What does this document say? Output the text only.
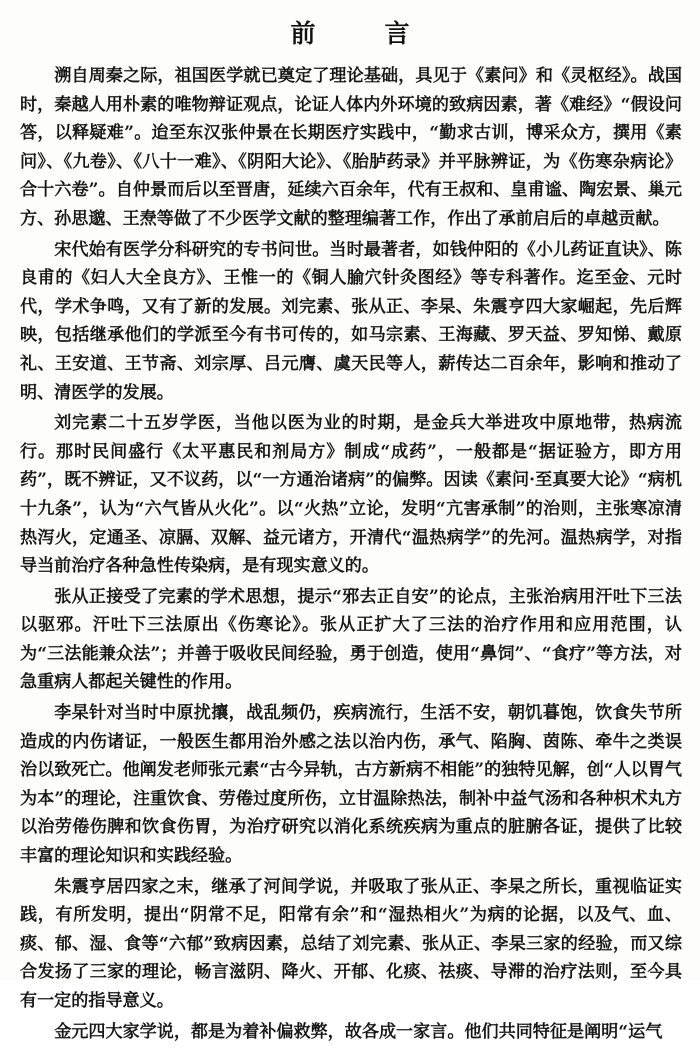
前　言

溯自周秦之际，祖国医学就已奠定了理论基础，具见于《素问》和《灵枢经》。战国时，秦越人用朴素的唯物辩证观点，论证人体内外环境的致病因素，著《难经》“假设问答，以释疑难”。迨至东汉张仲景在长期医疗实践中，“勤求古训，博采众方，撰用《素问》、《九卷》、《八十一难》、《阴阳大论》、《胎胪药录》并平脉辨证，为《伤寒杂病论》合十六卷”。自仲景而后以至晋唐，延续六百余年，代有王叔和、皇甫谧、陶宏景、巢元方、孙思邈、王焘等做了不少医学文献的整理编著工作，作出了承前启后的卓越贡献。

宋代始有医学分科研究的专书问世。当时最著者，如钱仲阳的《小儿药证直诀》、陈良甫的《妇人大全良方》、王惟一的《铜人腧穴针灸图经》等专科著作。迄至金、元时代，学术争鸣，又有了新的发展。刘完素、张从正、李杲、朱震亨四大家崛起，先后辉映，包括继承他们的学派至今有书可传的，如马宗素、王海藏、罗天益、罗知悌、戴原礼、王安道、王节斋、刘宗厚、吕元膺、虞天民等人，薪传达二百余年，影响和推动了明、清医学的发展。

刘完素二十五岁学医，当他以医为业的时期，是金兵大举进攻中原地带，热病流行。那时民间盛行《太平惠民和剂局方》制成“成药”，一般都是“据证验方，即方用药”，既不辨证，又不议药，以“一方通治诸病”的偏弊。因读《素问·至真要大论》“病机十九条”，认为“六气皆从火化”。以“火热”立论，发明“亢害承制”的治则，主张寒凉清热泻火，定通圣、凉膈、双解、益元诸方，开清代“温热病学”的先河。温热病学，对指导当前治疗各种急性传染病，是有现实意义的。

张从正接受了完素的学术思想，提示“邪去正自安”的论点，主张治病用汗吐下三法以驱邪。汗吐下三法原出《伤寒论》。张从正扩大了三法的治疗作用和应用范围，认为“三法能兼众法”；并善于吸收民间经验，勇于创造，使用“鼻饲”、“食疗”等方法，对急重病人都起关键性的作用。

李杲针对当时中原扰攘，战乱频仍，疾病流行，生活不安，朝饥暮饱，饮食失节所造成的内伤诸证，一般医生都用治外感之法以治内伤，承气、陷胸、茵陈、牵牛之类误治以致死亡。他阐发老师张元素“古今异轨，古方新病不相能”的独特见解，创“人以胃气为本”的理论，注重饮食、劳倦过度所伤，立甘温除热法，制补中益气汤和各种枳术丸方以治劳倦伤脾和饮食伤胃，为治疗研究以消化系统疾病为重点的脏腑各证，提供了比较丰富的理论知识和实践经验。

朱震亨居四家之末，继承了河间学说，并吸取了张从正、李杲之所长，重视临证实践，有所发明，提出“阴常不足，阳常有余”和“湿热相火”为病的论据，以及气、血、痰、郁、湿、食等“六郁”致病因素，总结了刘完素、张从正、李杲三家的经验，而又综合发扬了三家的理论，畅言滋阴、降火、开郁、化痰、祛痰、导滞的治疗法则，至今具有一定的指导意义。

金元四大家学说，都是为着补偏救弊，故各成一家言。他们共同特征是阐明“运气
